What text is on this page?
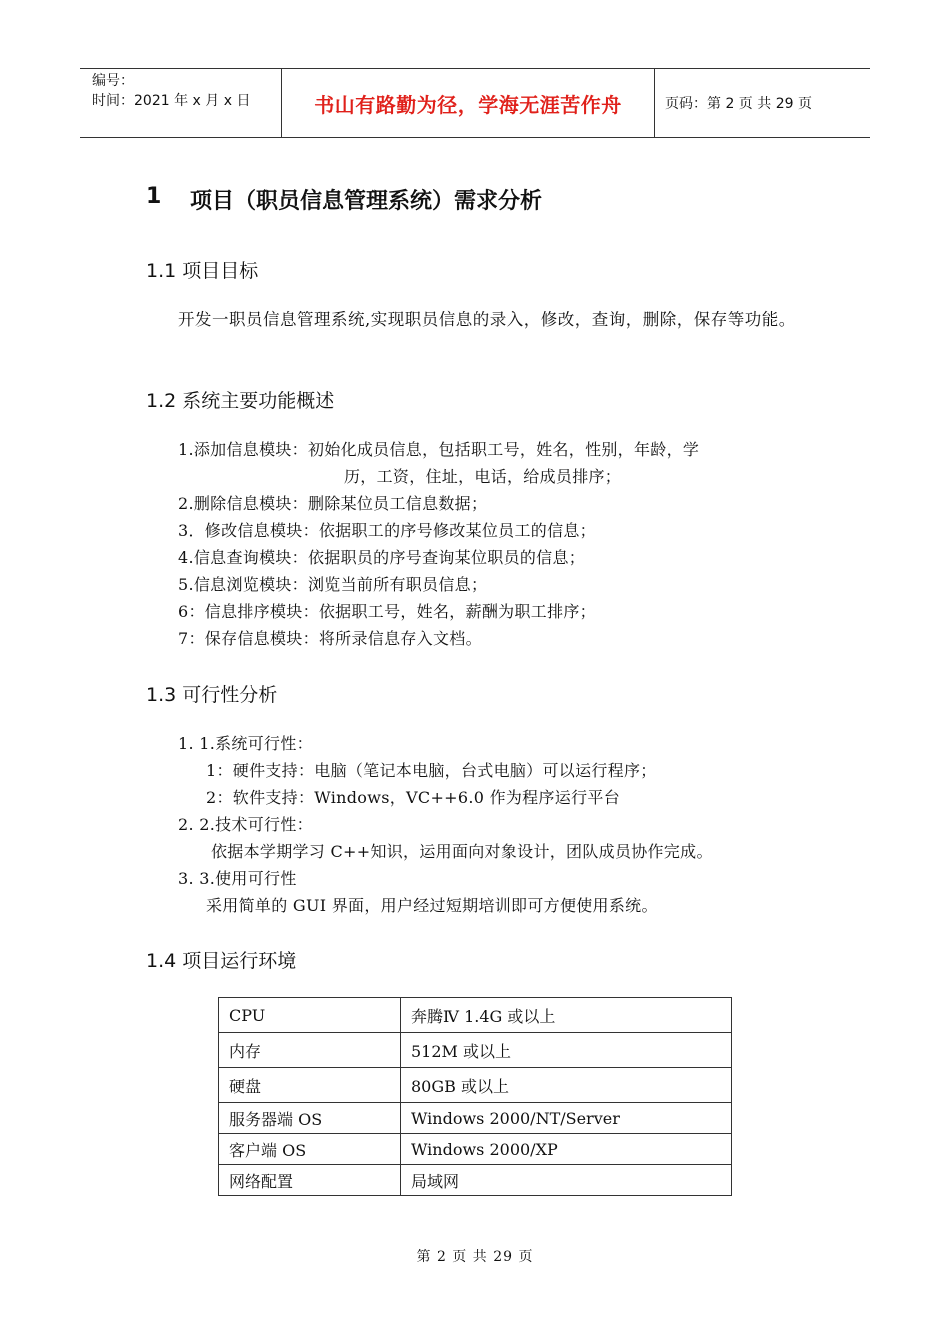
编号：
时间：2021 年 x 月 x 日	书山有路勤为径，学海无涯苦作舟	页码：第 2 页 共 29 页
1	项目（职员信息管理系统）需求分析
1.1 项目目标
开发一职员信息管理系统,实现职员信息的录入，修改，查询，删除，保存等功能。
1.2 系统主要功能概述
1.添加信息模块：初始化成员信息，包括职工号，姓名，性别，年龄，学
历，工资，住址，电话，给成员排序；
2.删除信息模块：删除某位员工信息数据；
3．修改信息模块：依据职工的序号修改某位员工的信息；
4.信息查询模块：依据职员的序号查询某位职员的信息；
5.信息浏览模块：浏览当前所有职员信息；
6：信息排序模块：依据职工号，姓名，薪酬为职工排序；
7：保存信息模块：将所录信息存入文档。
1.3 可行性分析
1. 1.系统可行性：
1：硬件支持：电脑（笔记本电脑，台式电脑）可以运行程序；
2：软件支持：Windows，VC++6.0 作为程序运行平台
2. 2.技术可行性：
依据本学期学习 C++知识，运用面向对象设计，团队成员协作完成。
3. 3.使用可行性
采用简单的 GUI 界面，用户经过短期培训即可方便使用系统。
1.4 项目运行环境
CPU	奔腾Ⅳ 1.4G 或以上
内存	512M 或以上
硬盘	80GB 或以上
服务器端 OS	Windows 2000/NT/Server
客户端 OS	Windows 2000/XP
网络配置	局域网
第 2 页 共 29 页
